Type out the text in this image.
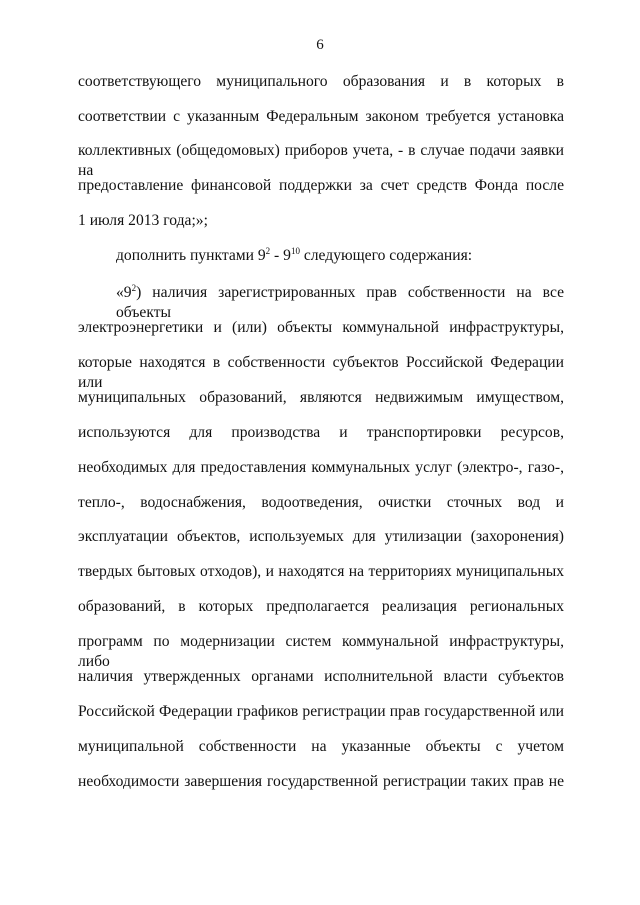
6
соответствующего муниципального образования и в которых в
соответствии с указанным Федеральным законом требуется установка
коллективных (общедомовых) приборов учета, - в случае подачи заявки на
предоставление финансовой поддержки за счет средств Фонда после
1 июля 2013 года;»;
дополнить пунктами $9^2 - 9^{10}$ следующего содержания:
«$9^2$) наличия зарегистрированных прав собственности на все объекты
электроэнергетики и (или) объекты коммунальной инфраструктуры,
которые находятся в собственности субъектов Российской Федерации или
муниципальных образований, являются недвижимым имуществом,
используются для производства и транспортировки ресурсов,
необходимых для предоставления коммунальных услуг (электро-, газо-,
тепло-, водоснабжения, водоотведения, очистки сточных вод и
эксплуатации объектов, используемых для утилизации (захоронения)
твердых бытовых отходов), и находятся на территориях муниципальных
образований, в которых предполагается реализация региональных
программ по модернизации систем коммунальной инфраструктуры, либо
наличия утвержденных органами исполнительной власти субъектов
Российской Федерации графиков регистрации прав государственной или
муниципальной собственности на указанные объекты с учетом
необходимости завершения государственной регистрации таких прав не
